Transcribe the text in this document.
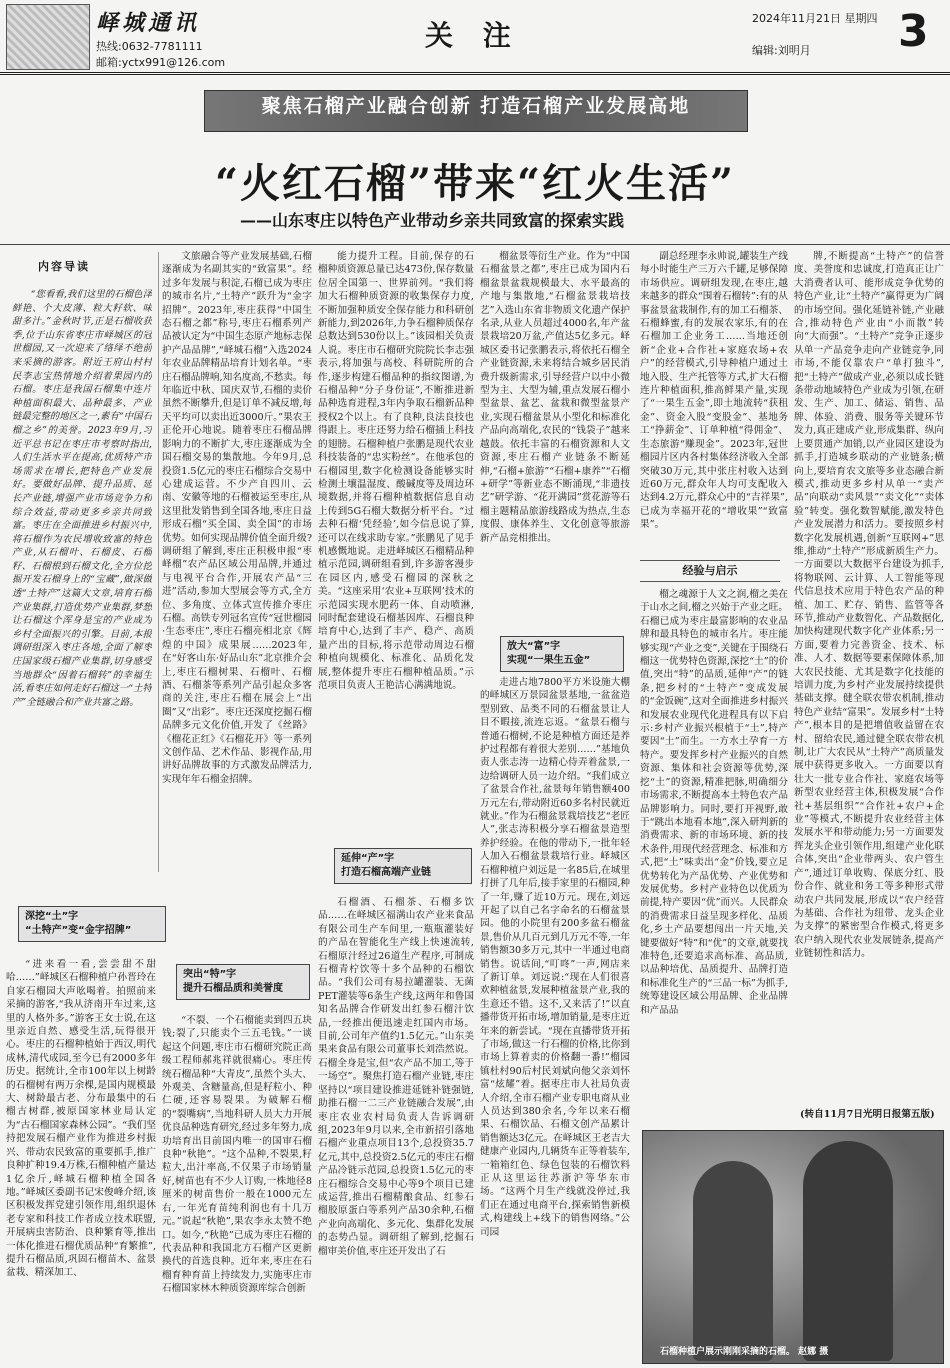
峄城通讯
热线:0632-7781111
邮箱:yctx991@126.com
关 注
2024年11月21日 星期四
编辑:刘明月 3
聚焦石榴产业融合创新 打造石榴产业发展高地
“火红石榴”带来“红火生活”
——山东枣庄以特色产业带动乡亲共同致富的探索实践
内容导读

“您看看,我们这里的石榴色泽鲜艳、个大皮薄、粒大籽软、味甜多汁。”金秋时节,正是石榴收获季,位于山东省枣庄市峄城区的冠世榴园,又一次迎来了络绎不绝前来采摘的游客。附近王府山村村民李志宝热情地介绍着果园内的石榴。枣庄是我国石榴集中连片种植面积最大、品种最多、产业链最完整的地区之一,素有“中国石榴之乡”的美誉。2023年9月,习近平总书记在枣庄市考察时指出,人们生活水平在提高,优质特产市场需求在增长,把特色产业发展好。要做好品牌、提升品质、延长产业链,增强产业市场竞争力和综合效益,带动更多乡亲共同致富。枣庄在全面推进乡村振兴中,将石榴作为农民增收致富的特色产业,从石榴叶、石榴皮、石榴籽、石榴根到石榴文化,全方位挖掘开发石榴身上的“宝藏”,做深做透“土特产”这篇大文章,培育石榴产业集群,打造优势产业集群,梦想让石榴这个浑身是宝的产业成为乡村全面振兴的引擎。目前,本报调研组深入枣庄各地,全面了解枣庄国家级石榴产业集群,切身感受当地群众“因着石榴转”的幸福生活,看枣庄如何走好石榴这一“土特产”全链融合和产业共富之路。

深挖“土”字
“土特产”变“金字招牌”

“进来看一看,尝尝甜不甜哈……”峄城区石榴种植户孙晋玲在自家石榴园大声吆喝着。拍照前来采摘的游客,“我从济南开车过来,这里的人格外多。”游客王女士说,在这里亲近自然、感受生活,玩得很开心。枣庄的石榴种植始于西汉,明代成林,清代成园,至今已有2000多年历史。据统计,全市100年以上树龄的石榴树有两万余棵,是国内规模最大、树龄最古老、分布最集中的石榴古树群,被原国家林业局认定为“古石榴国家森林公园”。“我们坚持把发展石榴产业作为推进乡村振兴、带动农民致富的重要抓手,推广良种扩种19.4万株,石榴种植产量达1亿余斤,峄城石榴种植全国各地。”峄城区委副书记宋俊峰介绍,该区积极发挥党建引领作用,组织退休老专家和科技工作者成立技术联盟,开展病虫害防治、良种繁育等,推出一体化推进石榴优质品种“育繁推”,提升石榴品质,巩固石榴苗木、盆景盆栽、精深加工、

文旅融合等产业发展基础,石榴逐渐成为名副其实的“致富果”。经过多年发展与积淀,石榴已成为枣庄的城市名片,“土特产”跃升为“金字招牌”。2023年,枣庄获得“中国生态石榴之都”称号,枣庄石榴系列产品被认定为“中国生态原产地标志保护产品品牌”,“峄城石榴”入选2024年农业品牌精品培育计划名单。“枣庄石榴品牌响,知名度高,不愁卖。每年临近中秋、国庆双节,石榴的卖价虽然不断攀升,但是订单不减反增,每天平均可以卖出近3000斤。”果农王正伦开心地说。随着枣庄石榴品牌影响力的不断扩大,枣庄逐渐成为全国石榴交易的集散地。今年9月,总投资1.5亿元的枣庄石榴综合交易中心建成运营。不少产自四川、云南、安徽等地的石榴被运至枣庄,从这里批发销售到全国各地,枣庄日益形成石榴“买全国、卖全国”的市场优势。如何实现品牌价值全面升级?调研组了解到,枣庄正积极申报“枣峄榴”农产品区域公用品牌,并通过与电视平台合作,开展农产品“三进”活动,参加大型展会等方式,全方位、多角度、立体式宣传推介枣庄石榴。高铁专列冠名宣传“冠世榴园·生态枣庄”,枣庄石榴亮相北京《辉煌的中国》成果展……2023年,在“好客山东·好品山东”北京推介会上,枣庄石榴树果、石榴叶、石榴酒、石榴茶等系列产品引起众多客商的关注,枣庄石榴在展会上“出圈”又“出彩”。枣庄还深度挖掘石榴品牌多元文化价值,开发了《丝路》《榴花正红》《石榴花开》等一系列文创作品、艺术作品、影视作品,用讲好品牌故事的方式激发品牌活力,实现年年石榴金招牌。

突出“特”字
提升石榴品质和美誉度

“不裂、一个石榴能卖到四五块钱;裂了,只能卖个三五毛钱。”一谈起这个问题,枣庄市石榴研究院正高级工程师郝兆祥就很痛心。枣庄传统石榴品种“大青皮”,虽然个头大、外观美、含糖量高,但是籽粒小、种仁硬,还容易裂果。为破解石榴的“裂嘴病”,当地科研人员大力开展优良品种选育研究,经过多年努力,成功培育出目前国内唯一的国审石榴良种“秋艳”。“这个品种,不裂果,籽粒大,出汁率高,不仅果子市场销量好,树苗也有不少人订购,一株地径8厘米的树苗售价一般在1000元左右,一年光育苗纯利润也有十几万元。”说起“秋艳”,果农李永太赞不绝口。如今,“秋艳”已成为枣庄石榴的代表品种和我国北方石榴产区更新换代的首选良种。近年来,枣庄在石榴育种育苗上持续发力,实施枣庄市石榴国家林木种质资源库综合创新

能力提升工程。目前,保存的石榴种质资源总量已达473份,保存数量位居全国第一、世界前列。“我们将加大石榴种质资源的收集保存力度,不断加强种质安全保存能力和科研创新能力,到2026年,力争石榴种质保存总数达到530份以上。”该园相关负责人说。枣庄市石榴研究院院长李志强表示,将加强与高校、科研院所的合作,逐步构建石榴品种的指纹图谱,为石榴品种“分子身份证”,不断推进新品种选育进程,3年内争取石榴新品种授权2个以上。有了良种,良法良技也得跟上。枣庄还努力给石榴插上科技的翅膀。石榴种植户张鹏是现代农业科技装备的“忠实粉丝”。在他承包的石榴园里,数字化检测设备能够实时检测土壤温湿度、酸碱度等及周边环境数据,并将石榴种植数据信息自动上传到5G石榴大数据分析平台。“过去种石榴‘凭经验’,如今信息说了算,还可以在线求助专家。”张鹏见了见手机感慨地说。走进峄城区石榴精品种植示范园,调研组看到,许多游客漫步在园区内,感受石榴园的深秋之美。“这座采用‘农业+互联网’技术的示范园实现水肥药一体、自动喷淋,同时配套建设石榴基因库、石榴良种培育中心,达到了丰产、稳产、高质量产出的目标,将示范带动周边石榴种植向规模化、标准化、品质化发展,整体提升枣庄石榴种植品质。”示范项目负责人王艳洁心满满地说。

延伸“产”字
打造石榴高端产业链

石榴酒、石榴茶、石榴多饮品……在峄城区福满山农产业来食品有限公司生产车间里,一瓶瓶灌装好的产品在智能化生产线上快速流转,石榴原汁经过26道生产程序,可制成石榴青柠饮等十多个品种的石榴饮品。“我们公司有易拉罐灌装、无菌PET灌装等6条生产线,这两年和鲁国知名品牌合作研发出红参石榴汁饮品,一经推出便迅速走红国内市场。目前,公司年产值约1.5亿元。”山东美果来食品有限公司董事长刘浩然说。石榴全身是宝,但“农产品不加工,等于一场空”。聚焦打造石榴产业链,枣庄坚持以“项目建设推进延链补链强链,助推石榴一二三产业链融合发展”,由枣庄农业农村局负责人告诉调研组,2023年9月以来,全市新招引落地石榴产业重点项目13个,总投资35.7亿元,其中,总投资2.5亿元的枣庄石榴产品冷链示范园,总投资1.5亿元的枣庄石榴综合交易中心等9个项目已建成运营,推出石榴精酿食品、红参石榴胶原蛋白等系列产品30余种,石榴产业向高端化、多元化、集群化发展的态势凸显。调研组了解到,挖掘石榴审美价值,枣庄还开发出了石

榴盆景等衍生产业。作为“中国石榴盆景之都”,枣庄已成为国内石榴盆景盆栽规模最大、水平最高的产地与集散地,“石榴盆景栽培技艺”入选山东省非物质文化遗产保护名录,从业人员超过4000名,年产盆景栽培20万盆,产值达5亿多元。峄城区委书记张鹏表示,将依托石榴全产业链资源,未来将结合城乡居民消费升级新需求,引导经营户以中小微型为主、大型为辅,重点发展石榴小型盆景、盆艺、盆栽和微型盆景产业,实现石榴盆景从小型化和标准化产品向高端化,农民的“钱袋子”越来越鼓。依托丰富的石榴资源和人文资源,枣庄石榴产业链条不断延伸,“石榴+旅游”“石榴+康养”“石榴+研学”等新业态不断涌现,“非遗技艺”研学游、“花开满园”赏花游等石榴主题精品旅游线路成为热点,生态度假、康体养生、文化创意等旅游新产品竞相推出。

放大“富”字
实现“一果生五金”

走进占地7800平方米设施大棚的峄城区万景园盆景基地,一盆盆造型别致、品类不同的石榴盆景让人目不暇接,流连忘返。“盆景石榴与普通石榴树,不论是种植方面还是养护过程都有着很大差别……”基地负责人张志涛一边精心侍弄着盆景,一边给调研人员一边介绍。“我们成立了盆景合作社,盆景每年销售额400万元左右,带动附近60多名村民就近就业。”作为石榴盆景栽培技艺“老匠人”,张志涛积极分享石榴盆景造型养护经验。在他的带动下,一批年轻人加入石榴盆景栽培行业。峄城区石榴种植户刘远是一名85后,在城里打拼了几年后,接手家里的石榴园,种了一年,赚了近10万元。现在,刘远开起了以自己名字命名的石榴盆景园。他的小院里有200多盆石榴盆景,售价从几百元到几万元不等,一年销售额30多万元,其中一半通过电商销售。说话间,“叮咚”一声,网店来了新订单。刘远说:“现在人们很喜欢种植盆景,发展种植盆景产业,我的生意还不错。这不,又来活了!”以直播带货开拓市场,增加销量,是枣庄近年来的新尝试。“现在直播带货开拓了市场,做这一行石榴的价格,比你到市场上算着卖的价格翻一番!”榴园镇杜村90后村民刘斌向他父亲刘怀富“炫耀”着。据枣庄市人社局负责人介绍,全市石榴产业专职电商从业人员达到380余名,今年以来石榴果、石榴饮品、石榴文创产品累计销售额达3亿元。在峄城区王老吉大健康产业园内,几辆货车正等着装车,一箱箱红色、绿色包装的石榴饮料正从这里运往苏浙沪等华东市场。“这两个月生产线就没停过,我们正在通过电商平台,探索销售新模式,构建线上+线下的销售网络。”公司园

副总经理李永帅说,罐装生产线每小时能生产三万六千罐,足够保障市场供应。调研组发现,在枣庄,越来越多的群众“围着石榴转”:有的从事盆景盆栽制作,有的加工石榴茶、石榴蜂蜜,有的发展农家乐,有的在石榴加工企业务工……当地还创新“企业+合作社+家庭农场+农户”的经营模式,引导种植户通过土地入股、生产托管等方式,扩大石榴连片种植面积,推高鲜果产量,实现了“一果生五金”,即土地流转“获租金”、资金入股“变股金”、基地务工“挣薪金”、订单种植“得佣金”、生态旅游“赚现金”。2023年,冠世榴园片区内各村集体经济收入全部突破30万元,其中张庄村收入达到近60万元,群众年人均可支配收入达到4.2万元,群众心中的“吉祥果”,已成为幸福开花的“增收果”“致富果”。

经验与启示

榴之魂源于人文之润,榴之美在于山水之间,榴之兴始于产业之旺。石榴已成为枣庄最富影响的农业品牌和最具特色的城市名片。枣庄能够实现“产业之变”,关键在于围绕石榴这一优势特色资源,深挖“土”的价值,突出“特”的品质,延伸“产”的链条,把乡村的“土特产”变成发展的“金饭碗”,这对全面推进乡村振兴和发展农业现代化进程具有以下启示:乡村产业振兴根植于“土”,特产要因“土”而生。一方水土孕育一方特产。要发挥乡村产业振兴的自然资源、集体和社会资源等优势,深挖“土”的资源,精准把脉,明确细分市场需求,不断提高本土特色农产品品牌影响力。同时,要打开视野,敢于“跳出本地看本地”,深入研判新的消费需求、新的市场环境、新的技术条件,用现代经营理念、标准和方式,把“土”味卖出“金”价钱,要立足优势转化为产品优势、产业优势和发展优势。乡村产业特色以优质为前提,特产要因“优”而兴。人民群众的消费需求日益呈现多样化、品质化,乡土产品要想闯出一片天地,关键要做好“特”和“优”的文章,就要找准特色,还要追求高标准、高品质,以品种培优、品质提升、品牌打造和标准化生产的“三品一标”为抓手,统筹建设区域公用品牌、企业品牌和产品品

牌,不断提高“土特产”的信誉度、美誉度和忠诚度,打造真正让广大消费者认可、能形成竞争优势的特色产业,让“土特产”赢得更为广阔的市场空间。强化延链补链,产业融合,推动特色产业由“小而散”转向“大而强”。“土特产”竞争正逐步从单一产品竞争走向产业链竞争,同市场,不能仅靠农户“单打独斗”,把“土特产”做成产业,必须以成长链条带动地域特色产业成为引领,在研发、生产、加工、储运、销售、品牌、体验、消费、服务等关键环节发力,真正建成产业,形成集群、纵向上要贯通产加销,以产业园区建设为抓手,打造城乡联动的产业链条;横向上,要培育农文旅等多业态融合新模式,推动更多乡村从单一“卖产品”向联动“卖风景”“卖文化”“卖体验”转变。强化数智赋能,激发特色产业发展潜力和活力。要按照乡村数字化发展机遇,创新“互联网+”思维,推动“土特产”形成新质生产力。一方面要以大数据平台建设为抓手,将物联网、云计算、人工智能等现代信息技术应用于特色农产品的种植、加工、贮存、销售、监管等各环节,推动产业数智化、产品数据化,加快构建现代数字化产业体系;另一方面,要着力完善资金、技术、标准、人才、数据等要素保障体系,加大农民技能、尤其是数字化技能的培训力度,为乡村产业发展持续提供基础支撑。健全联农带农机制,推动特色产业结“富果”。发展乡村“土特产”,根本目的是把增值收益留在农村、留给农民,通过健全联农带农机制,让广大农民从“土特产”高质量发展中获得更多收入。一方面要以育壮大一批专业合作社、家庭农场等新型农业经营主体,积极发展“合作社+基层组织”“合作社+农户+企业”等模式,不断提升农业经营主体发展水平和带动能力;另一方面要发挥龙头企业引领作用,组建产业化联合体,突出“企业带两头、农户管生产”,通过订单收购、保底分红、股份合作、就业和务工等多种形式带动农户共同发展,形成以“农户经营为基础、合作社为纽带、龙头企业为支撑”的紧密型合作模式,将更多农户纳入现代农业发展链条,提高产业链韧性和活力。

(转自11月7日光明日报第五版)
石榴种植户展示刚刚采摘的石榴。 赵娜 摄
